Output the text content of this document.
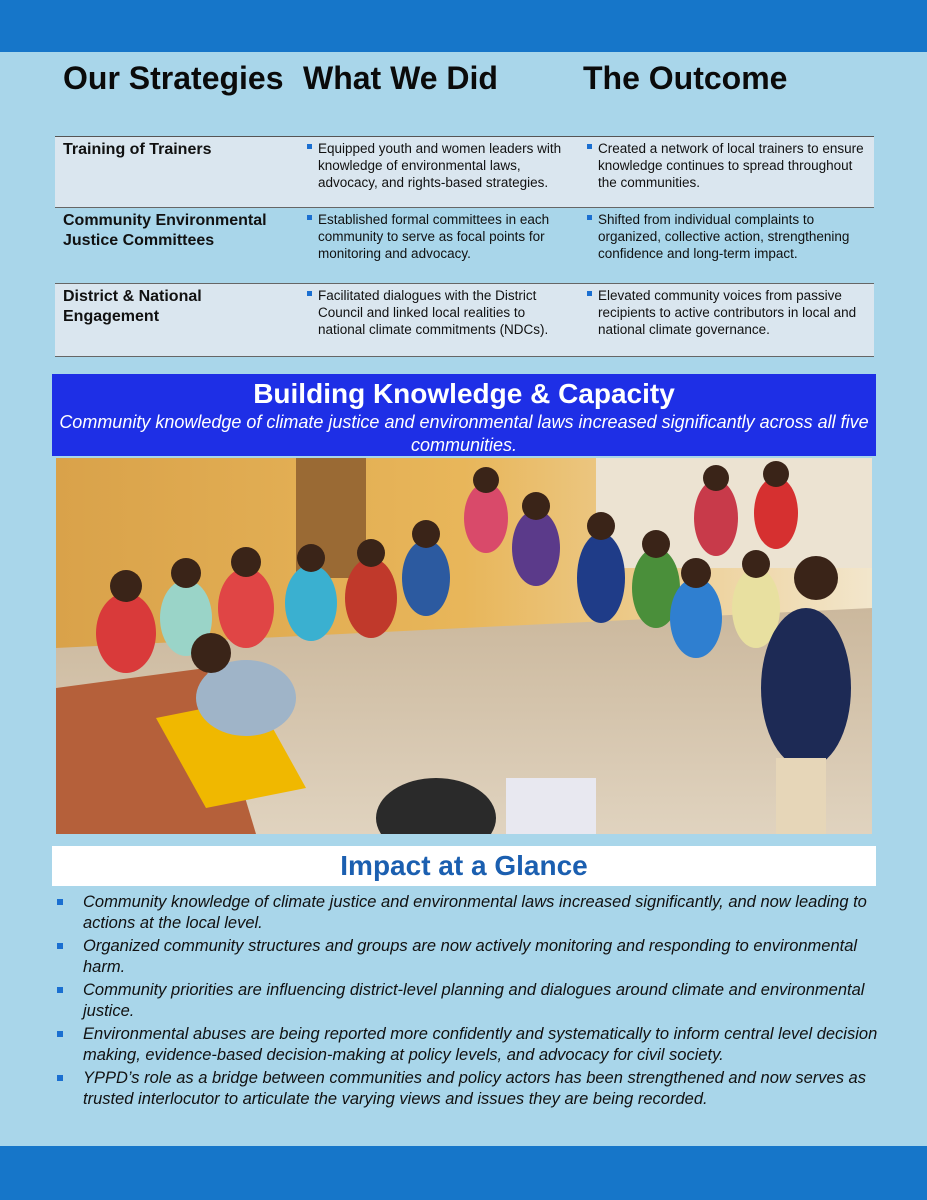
Our Strategies What We Did	The Outcome
Training of Trainers	Equipped youth and women leaders with knowledge of environmental laws, advocacy, and rights-based strategies.
Created a network of local trainers to ensure knowledge continues to spread throughout the communities.
Community Environmental Justice Committees
Established formal committees in each community to serve as focal points for monitoring and advocacy.
Shifted from individual complaints to organized, collective action, strengthening confidence and long-term impact.
District & National Engagement
Facilitated dialogues with the District Council and linked local realities to national climate commitments (NDCs).
Elevated community voices from passive recipients to active contributors in local and national climate governance.
Building Knowledge & Capacity
Community knowledge of climate justice and environmental laws increased significantly across all five communities.
Impact at a Glance
Community knowledge of climate justice and environmental laws increased significantly, and now leading to actions at the local level.
Organized community structures and groups are now actively monitoring and responding to environmental harm.
Community priorities are influencing district-level planning and dialogues around climate and environmental justice.
Environmental abuses are being reported more confidently and systematically to inform central level decision making, evidence-based decision-making at policy levels, and advocacy for civil society.
YPPD’s role as a bridge between communities and policy actors has been strengthened and now serves as trusted interlocutor to articulate the varying views and issues they are being recorded.
